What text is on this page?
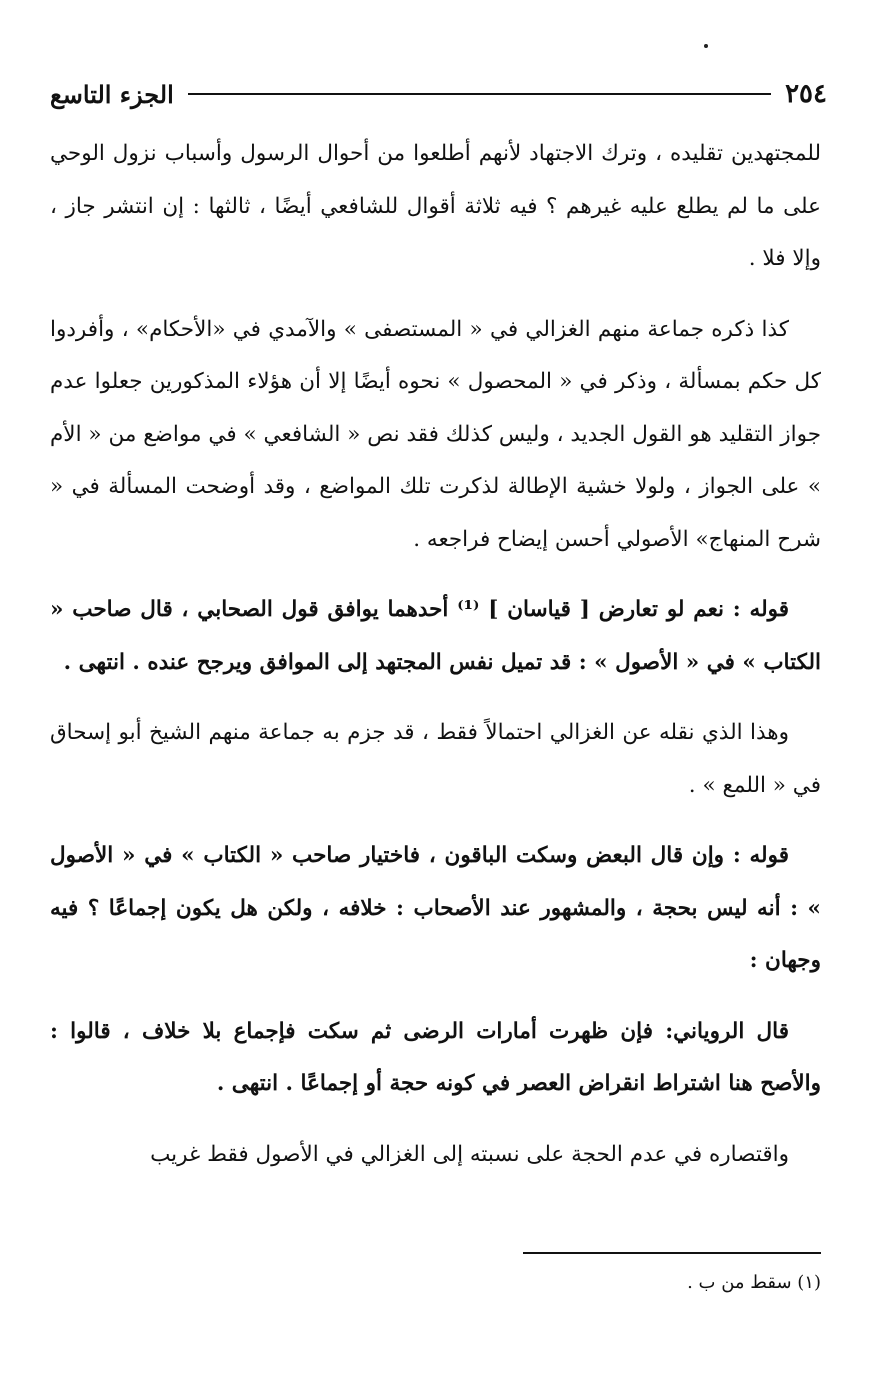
٢٥٤
الجزء التاسع

للمجتهدين تقليده ، وترك الاجتهاد لأنهم أطلعوا من أحوال الرسول وأسباب نزول الوحي على ما لم يطلع عليه غيرهم ؟ فيه ثلاثة أقوال للشافعي أيضًا ، ثالثها : إن انتشر جاز ، وإلا فلا .

كذا ذكره جماعة منهم الغزالي في « المستصفى » والآمدي في «الأحكام» ، وأفردوا كل حكم بمسألة ، وذكر في « المحصول » نحوه أيضًا إلا أن هؤلاء المذكورين جعلوا عدم جواز التقليد هو القول الجديد ، وليس كذلك فقد نص « الشافعي » في مواضع من « الأم » على الجواز ، ولولا خشية الإطالة لذكرت تلك المواضع ، وقد أوضحت المسألة في « شرح المنهاج» الأصولي أحسن إيضاح فراجعه .

قوله : نعم لو تعارض [ قياسان ] ⁽¹⁾ أحدهما يوافق قول الصحابي ، قال صاحب « الكتاب » في « الأصول » : قد تميل نفس المجتهد إلى الموافق ويرجح عنده . انتهى .

وهذا الذي نقله عن الغزالي احتمالاً فقط ، قد جزم به جماعة منهم الشيخ أبو إسحاق في « اللمع » .

قوله : وإن قال البعض وسكت الباقون ، فاختيار صاحب « الكتاب » في « الأصول » : أنه ليس بحجة ، والمشهور عند الأصحاب : خلافه ، ولكن هل يكون إجماعًا ؟ فيه وجهان :

قال الروياني: فإن ظهرت أمارات الرضى ثم سكت فإجماع بلا خلاف ، قالوا : والأصح هنا اشتراط انقراض العصر في كونه حجة أو إجماعًا . انتهى .

واقتصاره في عدم الحجة على نسبته إلى الغزالي في الأصول فقط غريب

(١) سقط من ب .
